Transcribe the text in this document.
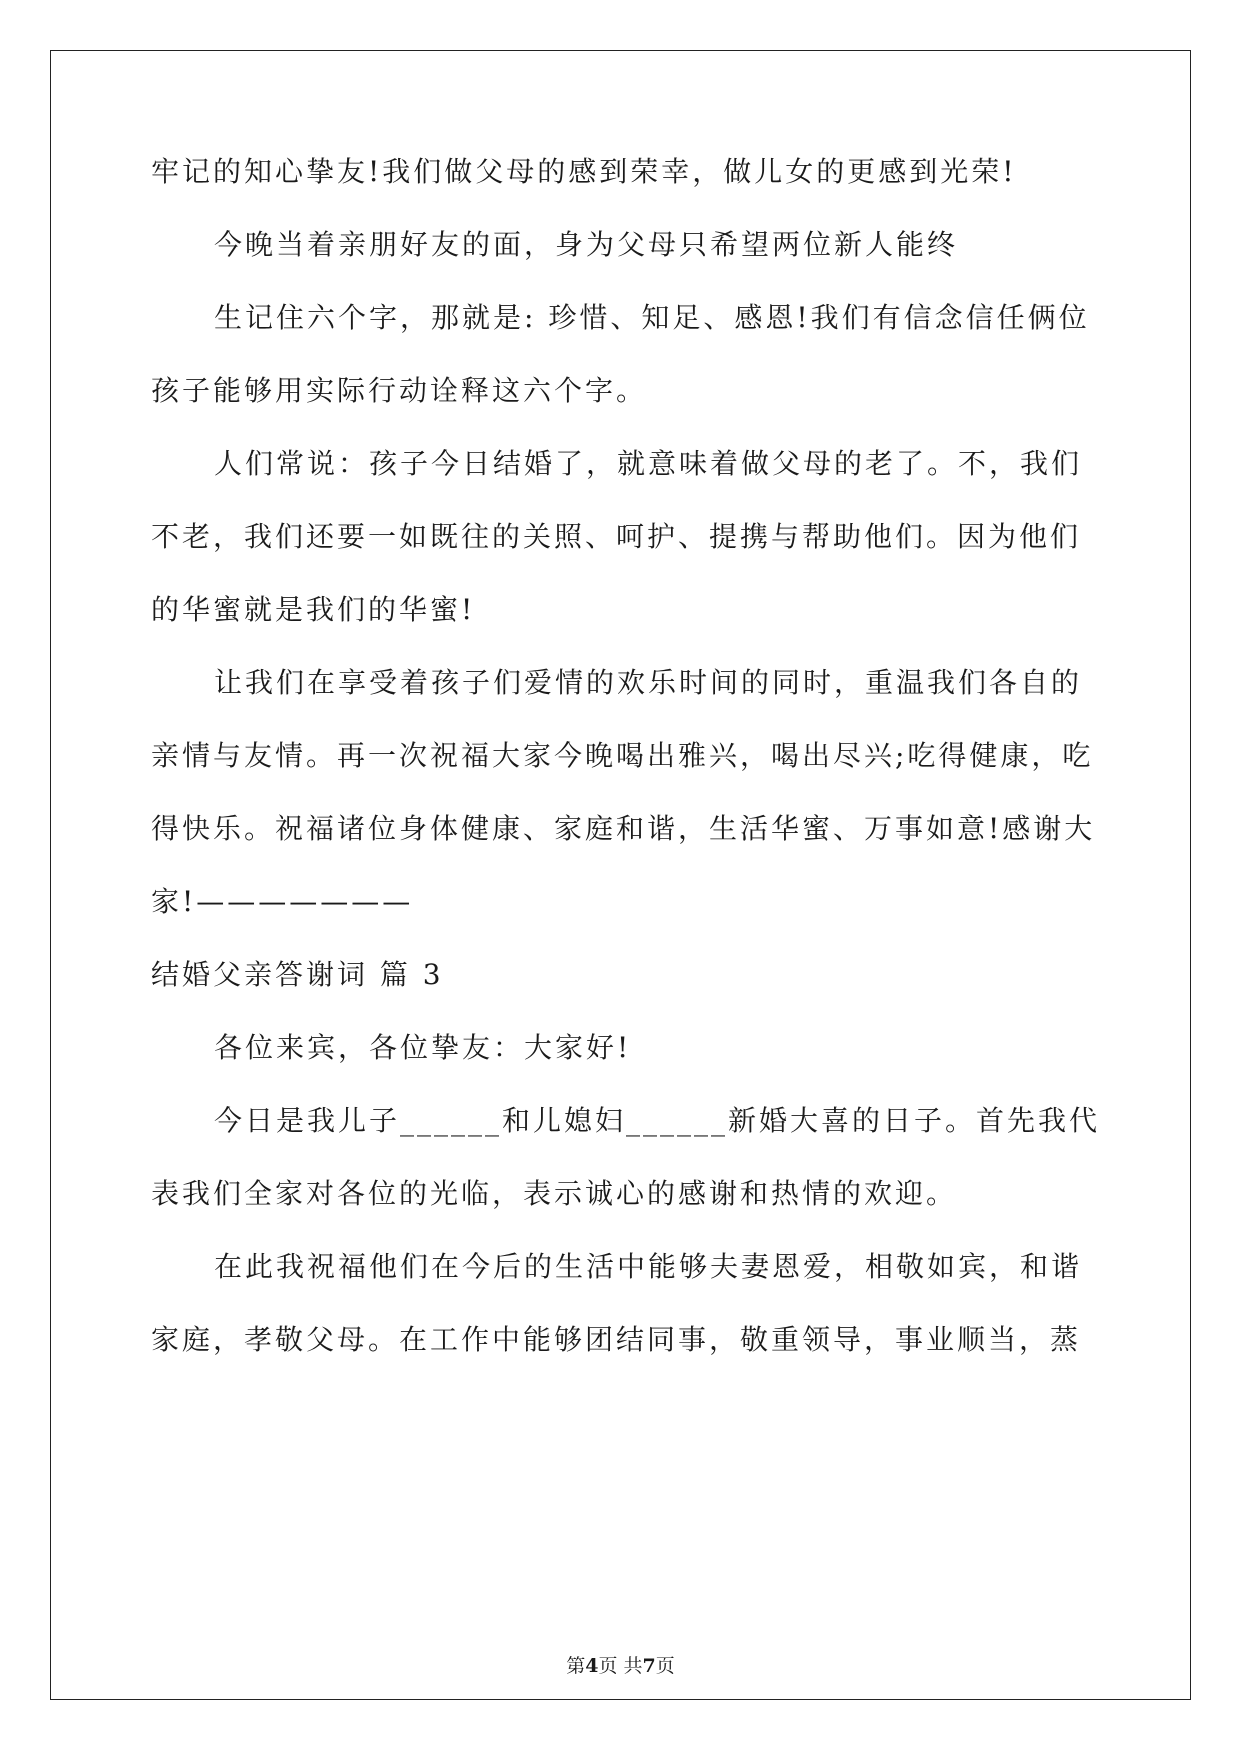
牢记的知心挚友!我们做父母的感到荣幸，做儿女的更感到光荣!
今晚当着亲朋好友的面，身为父母只希望两位新人能终
生记住六个字，那就是: 珍惜、知足、感恩!我们有信念信任俩位
孩子能够用实际行动诠释这六个字。
人们常说：孩子今日结婚了，就意味着做父母的老了。不，我们
不老，我们还要一如既往的关照、呵护、提携与帮助他们。因为他们
的华蜜就是我们的华蜜!
让我们在享受着孩子们爱情的欢乐时间的同时，重温我们各自的
亲情与友情。再一次祝福大家今晚喝出雅兴，喝出尽兴;吃得健康，吃
得快乐。祝福诸位身体健康、家庭和谐，生活华蜜、万事如意!感谢大
家!———————
结婚父亲答谢词 篇 3
各位来宾，各位挚友：大家好!
今日是我儿子______和儿媳妇______新婚大喜的日子。首先我代
表我们全家对各位的光临，表示诚心的感谢和热情的欢迎。
在此我祝福他们在今后的生活中能够夫妻恩爱，相敬如宾，和谐
家庭，孝敬父母。在工作中能够团结同事，敬重领导，事业顺当，蒸
第4页 共7页
